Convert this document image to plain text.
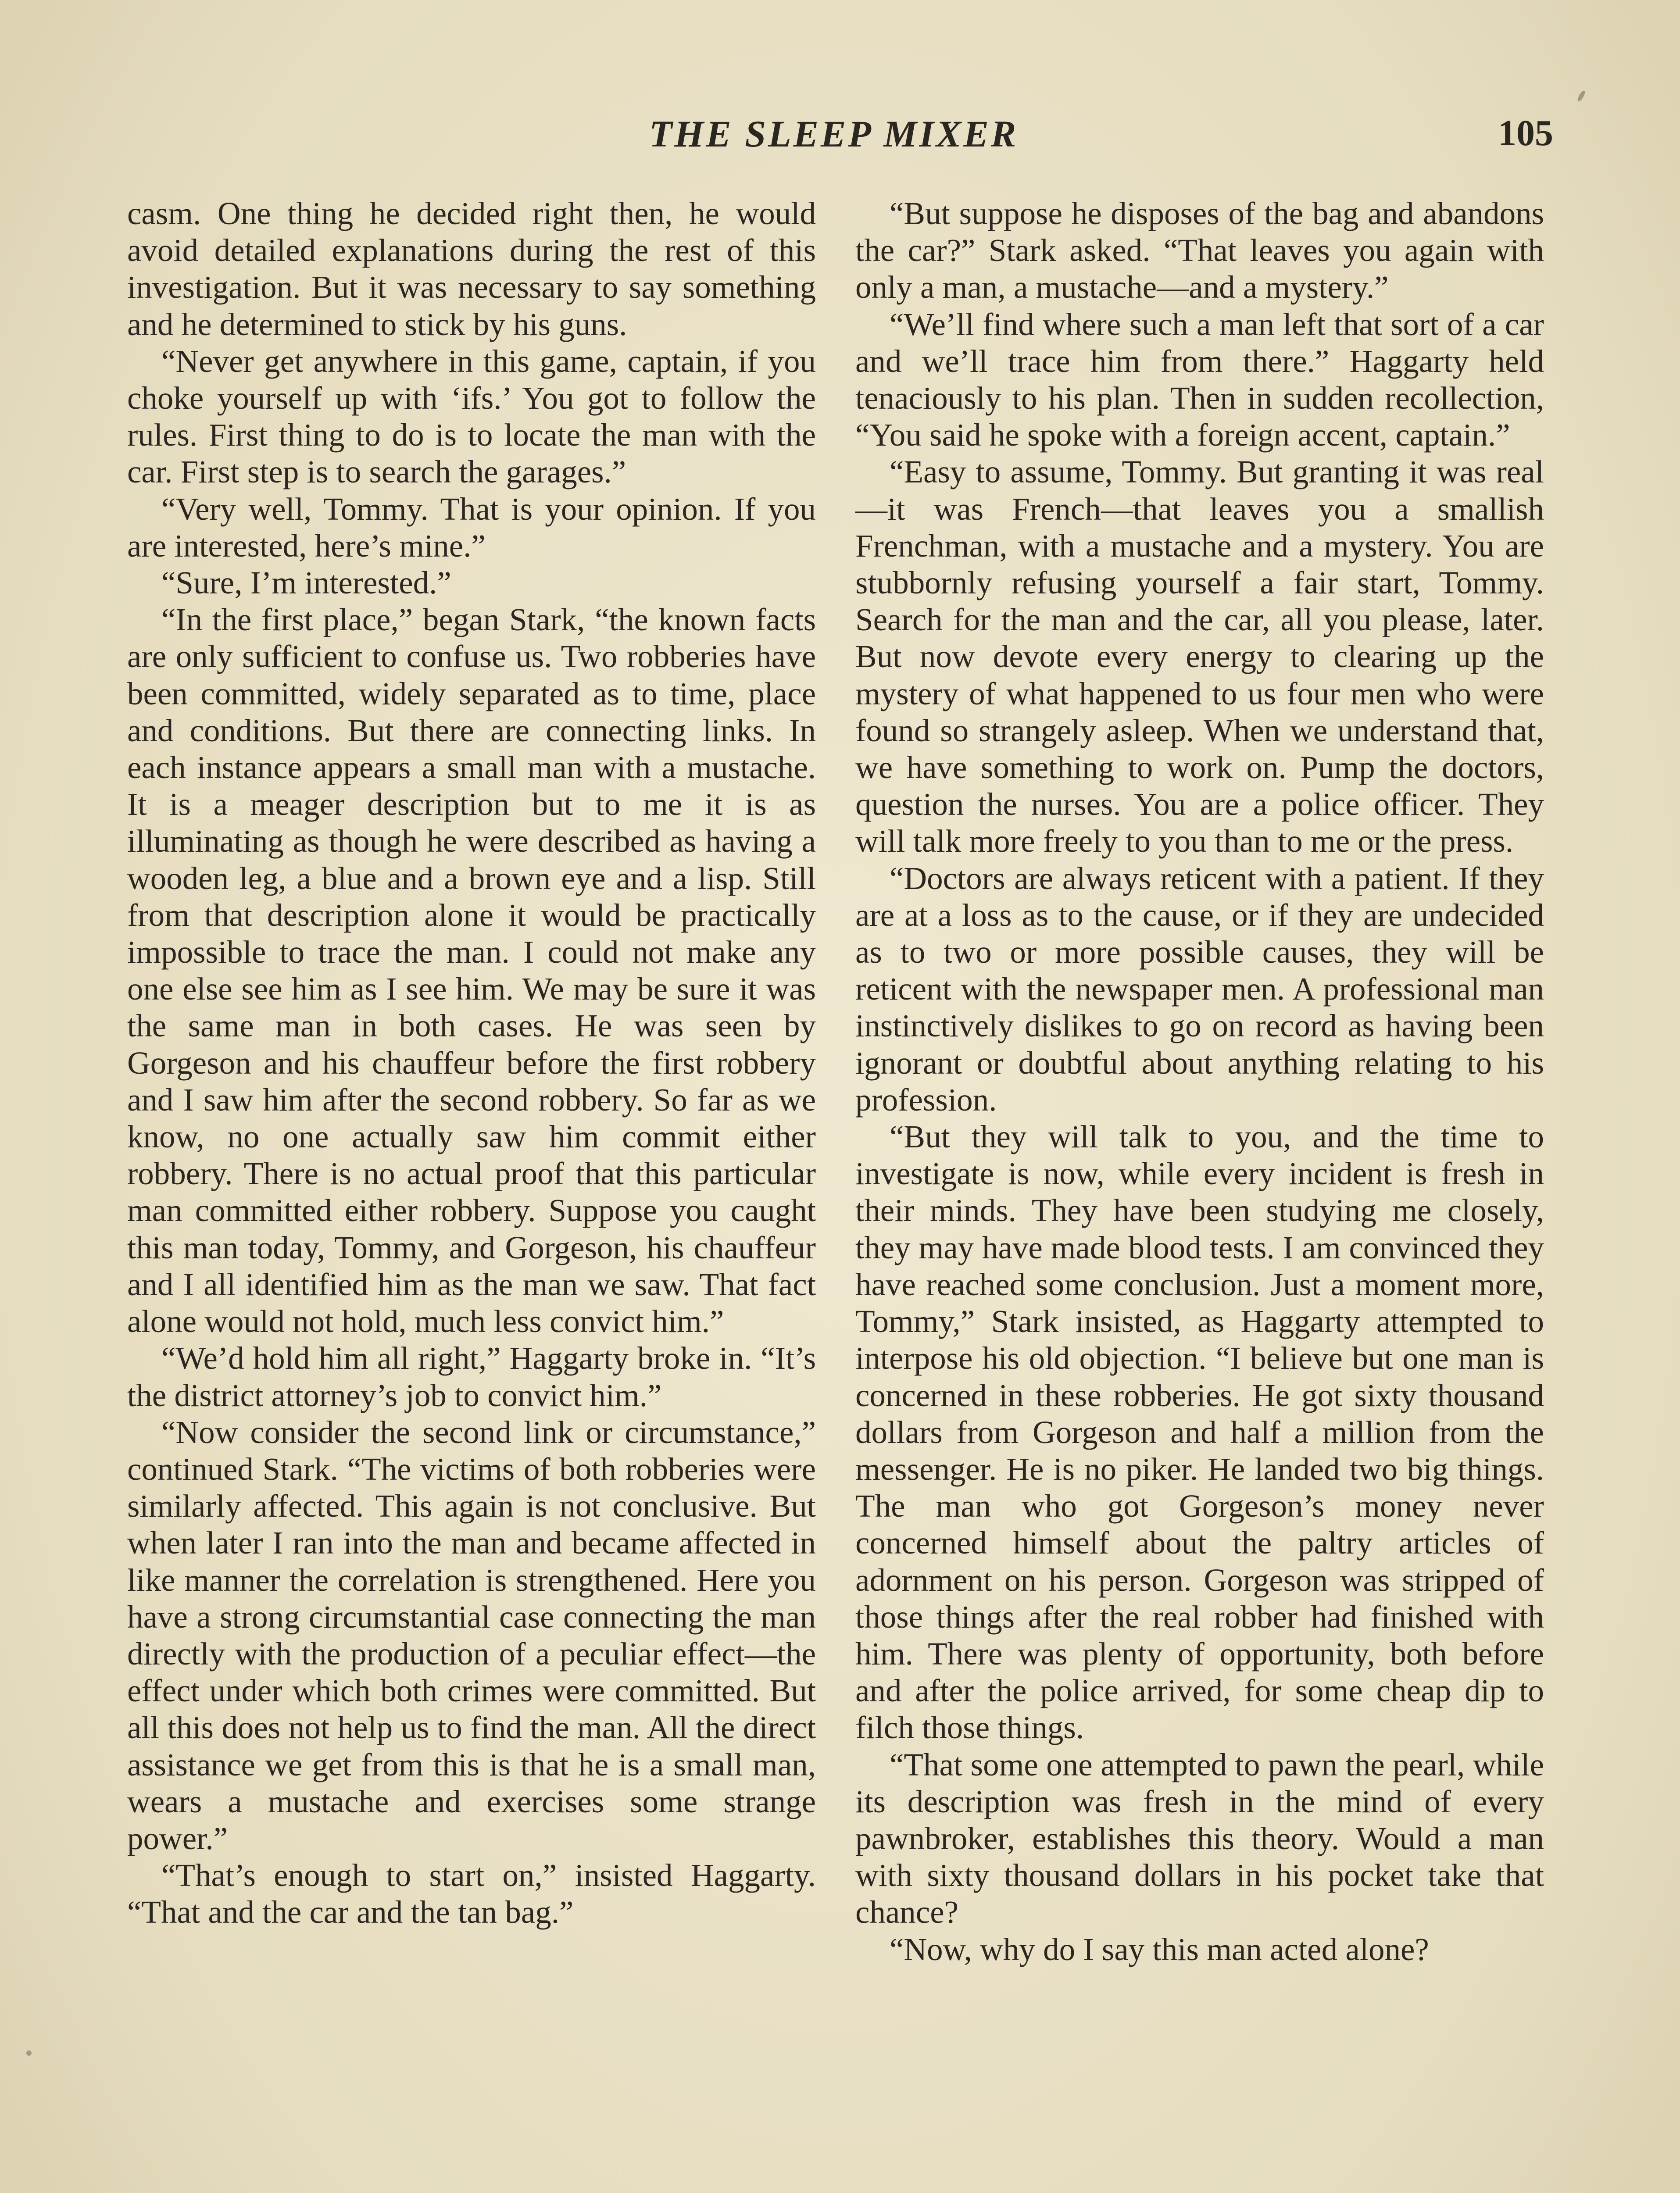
THE SLEEP MIXER	105

casm. One thing he decided right then, he would avoid detailed explanations during the rest of this investigation. But it was necessary to say something and he determined to stick by his guns.

“Never get anywhere in this game, captain, if you choke yourself up with ‘ifs.’ You got to follow the rules. First thing to do is to locate the man with the car. First step is to search the garages.”

“Very well, Tommy. That is your opinion. If you are interested, here’s mine.”

“Sure, I’m interested.”

“In the first place,” began Stark, “the known facts are only sufficient to confuse us. Two robberies have been committed, widely separated as to time, place and conditions. But there are connecting links. In each instance appears a small man with a mustache. It is a meager description but to me it is as illuminating as though he were described as having a wooden leg, a blue and a brown eye and a lisp. Still from that description alone it would be practically impossible to trace the man. I could not make any one else see him as I see him. We may be sure it was the same man in both cases. He was seen by Gorgeson and his chauffeur before the first robbery and I saw him after the second robbery. So far as we know, no one actually saw him commit either robbery. There is no actual proof that this particular man committed either robbery. Suppose you caught this man today, Tommy, and Gorgeson, his chauffeur and I all identified him as the man we saw. That fact alone would not hold, much less convict him.”

“We’d hold him all right,” Haggarty broke in. “It’s the district attorney’s job to convict him.”

“Now consider the second link or circumstance,” continued Stark. “The victims of both robberies were similarly affected. This again is not conclusive. But when later I ran into the man and became affected in like manner the correlation is strengthened. Here you have a strong circumstantial case connecting the man directly with the production of a peculiar effect—the effect under which both crimes were committed. But all this does not help us to find the man. All the direct assistance we get from this is that he is a small man, wears a mustache and exercises some strange power.”

“That’s enough to start on,” insisted Haggarty. “That and the car and the tan bag.”

“But suppose he disposes of the bag and abandons the car?” Stark asked. “That leaves you again with only a man, a mustache—and a mystery.”

“We’ll find where such a man left that sort of a car and we’ll trace him from there.” Haggarty held tenaciously to his plan. Then in sudden recollection, “You said he spoke with a foreign accent, captain.”

“Easy to assume, Tommy. But granting it was real—it was French—that leaves you a smallish Frenchman, with a mustache and a mystery. You are stubbornly refusing yourself a fair start, Tommy. Search for the man and the car, all you please, later. But now devote every energy to clearing up the mystery of what happened to us four men who were found so strangely asleep. When we understand that, we have something to work on. Pump the doctors, question the nurses. You are a police officer. They will talk more freely to you than to me or the press.

“Doctors are always reticent with a patient. If they are at a loss as to the cause, or if they are undecided as to two or more possible causes, they will be reticent with the newspaper men. A professional man instinctively dislikes to go on record as having been ignorant or doubtful about anything relating to his profession.

“But they will talk to you, and the time to investigate is now, while every incident is fresh in their minds. They have been studying me closely, they may have made blood tests. I am convinced they have reached some conclusion. Just a moment more, Tommy,” Stark insisted, as Haggarty attempted to interpose his old objection. “I believe but one man is concerned in these robberies. He got sixty thousand dollars from Gorgeson and half a million from the messenger. He is no piker. He landed two big things. The man who got Gorgeson’s money never concerned himself about the paltry articles of adornment on his person. Gorgeson was stripped of those things after the real robber had finished with him. There was plenty of opportunity, both before and after the police arrived, for some cheap dip to filch those things.

“That some one attempted to pawn the pearl, while its description was fresh in the mind of every pawnbroker, establishes this theory. Would a man with sixty thousand dollars in his pocket take that chance?

“Now, why do I say this man acted alone?
